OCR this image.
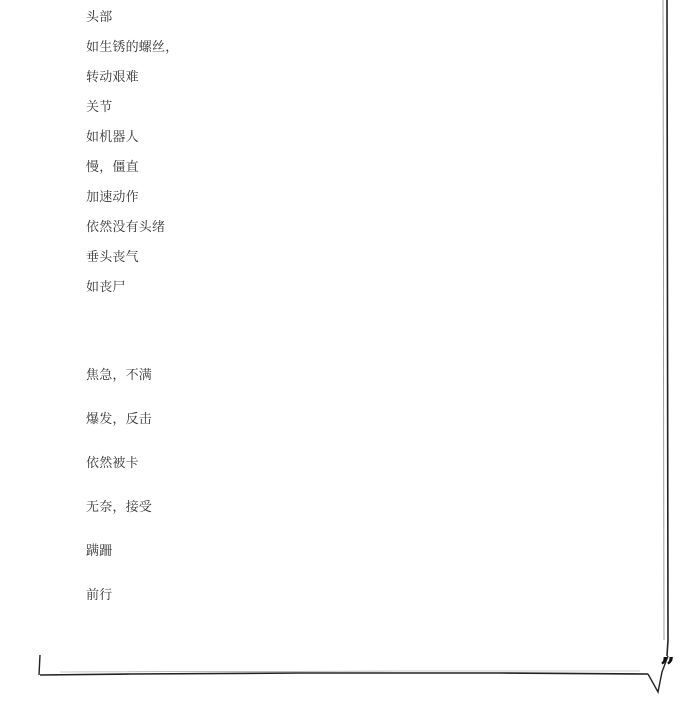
头部
如生锈的螺丝，
转动艰难
关节
如机器人
慢，僵直
加速动作
依然没有头绪
垂头丧气
如丧尸
焦急，不满
爆发，反击
依然被卡
无奈，接受
蹒跚
前行
”
